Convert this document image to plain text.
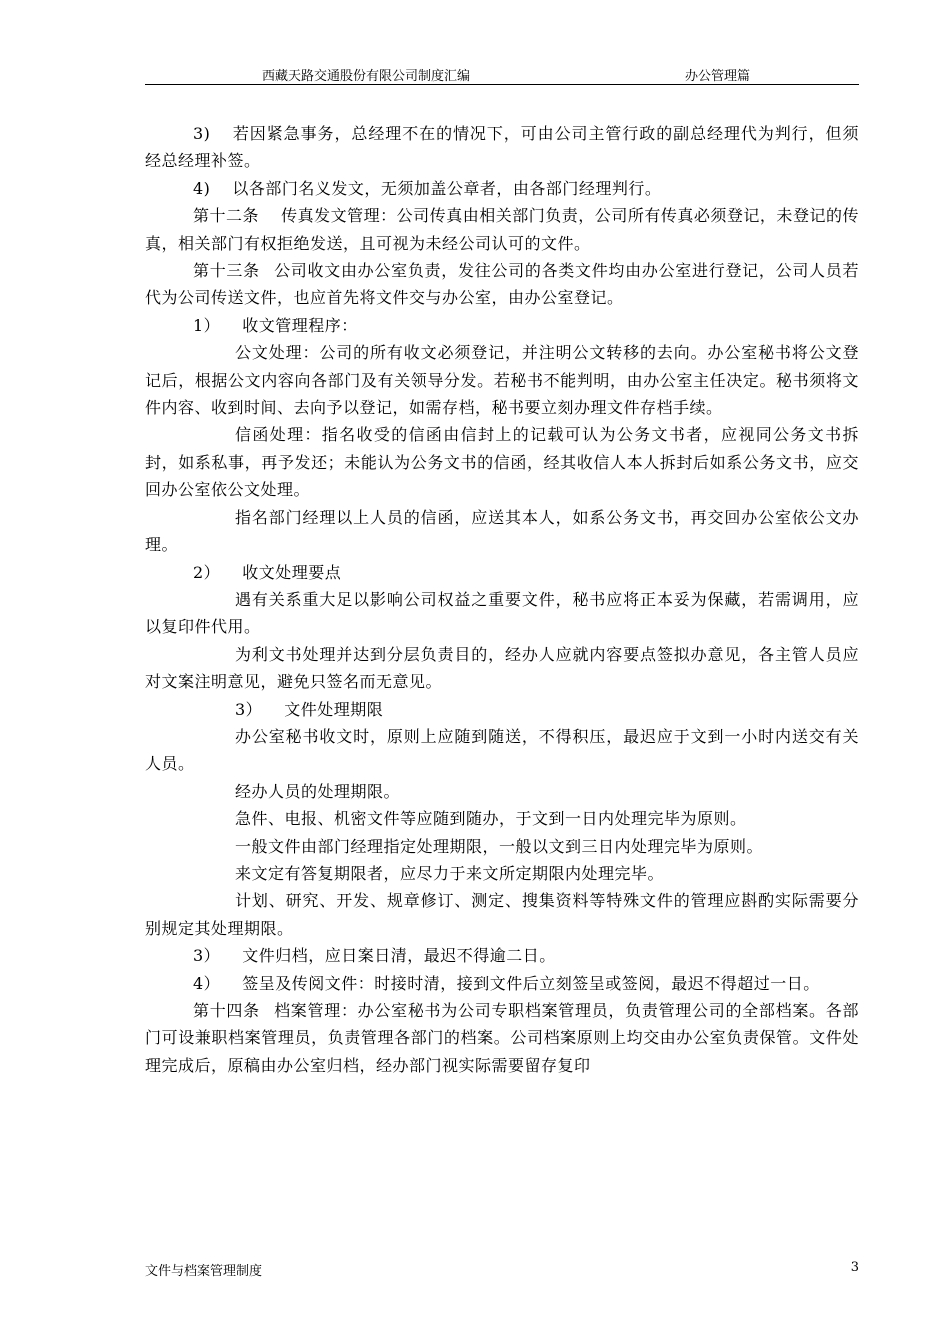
西藏天路交通股份有限公司制度汇编	办公管理篇

3) 若因紧急事务，总经理不在的情况下，可由公司主管行政的副总经理代为判行，但须经总经理补签。

4) 以各部门名义发文，无须加盖公章者，由各部门经理判行。

第十二条 传真发文管理：公司传真由相关部门负责，公司所有传真必须登记，未登记的传真，相关部门有权拒绝发送，且可视为未经公司认可的文件。

第十三条 公司收文由办公室负责，发往公司的各类文件均由办公室进行登记，公司人员若代为公司传送文件，也应首先将文件交与办公室，由办公室登记。

1） 收文管理程序：

公文处理：公司的所有收文必须登记，并注明公文转移的去向。办公室秘书将公文登记后，根据公文内容向各部门及有关领导分发。若秘书不能判明，由办公室主任决定。秘书须将文件内容、收到时间、去向予以登记，如需存档，秘书要立刻办理文件存档手续。

信函处理：指名收受的信函由信封上的记载可认为公务文书者，应视同公务文书拆封，如系私事，再予发还；未能认为公务文书的信函，经其收信人本人拆封后如系公务文书，应交回办公室依公文处理。

指名部门经理以上人员的信函，应送其本人，如系公务文书，再交回办公室依公文办理。

2） 收文处理要点

遇有关系重大足以影响公司权益之重要文件，秘书应将正本妥为保藏，若需调用，应以复印件代用。

为利文书处理并达到分层负责目的，经办人应就内容要点签拟办意见，各主管人员应对文案注明意见，避免只签名而无意见。

3） 文件处理期限

办公室秘书收文时，原则上应随到随送，不得积压，最迟应于文到一小时内送交有关人员。

经办人员的处理期限。

急件、电报、机密文件等应随到随办，于文到一日内处理完毕为原则。

一般文件由部门经理指定处理期限，一般以文到三日内处理完毕为原则。

来文定有答复期限者，应尽力于来文所定期限内处理完毕。

计划、研究、开发、规章修订、测定、搜集资料等特殊文件的管理应斟酌实际需要分别规定其处理期限。

3） 文件归档，应日案日清，最迟不得逾二日。

4） 签呈及传阅文件：时接时清，接到文件后立刻签呈或签阅，最迟不得超过一日。

第十四条 档案管理：办公室秘书为公司专职档案管理员，负责管理公司的全部档案。各部门可设兼职档案管理员，负责管理各部门的档案。公司档案原则上均交由办公室负责保管。文件处理完成后，原稿由办公室归档，经办部门视实际需要留存复印

文件与档案管理制度	3
